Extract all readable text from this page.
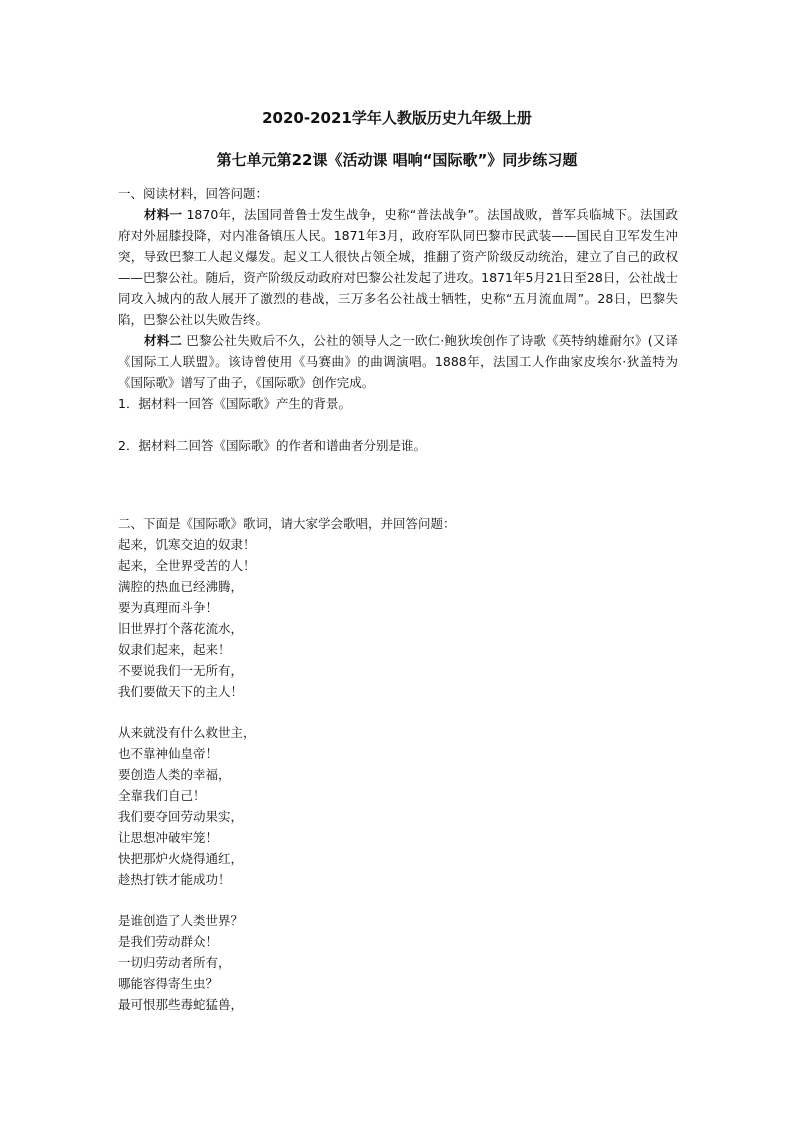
2020-2021学年人教版历史九年级上册
第七单元第22课《活动课 唱响“国际歌”》同步练习题

一、阅读材料，回答问题：

材料一 1870年，法国同普鲁士发生战争，史称“普法战争”。法国战败，普军兵临城下。法国政府对外屈膝投降，对内准备镇压人民。1871年3月，政府军队同巴黎市民武装——国民自卫军发生冲突，导致巴黎工人起义爆发。起义工人很快占领全城，推翻了资产阶级反动统治，建立了自己的政权——巴黎公社。随后，资产阶级反动政府对巴黎公社发起了进攻。1871年5月21日至28日，公社战士同攻入城内的敌人展开了激烈的巷战，三万多名公社战士牺牲，史称“五月流血周”。28日，巴黎失陷，巴黎公社以失败告终。

材料二 巴黎公社失败后不久，公社的领导人之一欧仁·鲍狄埃创作了诗歌《英特纳雄耐尔》(又译《国际工人联盟》。该诗曾使用《马赛曲》的曲调演唱。1888年，法国工人作曲家皮埃尔·狄盖特为《国际歌》谱写了曲子，《国际歌》创作完成。

1．据材料一回答《国际歌》产生的背景。

2．据材料二回答《国际歌》的作者和谱曲者分别是谁。

二、下面是《国际歌》歌词，请大家学会歌唱，并回答问题：

起来，饥寒交迫的奴隶！

起来，全世界受苦的人！

满腔的热血已经沸腾，

要为真理而斗争！

旧世界打个落花流水，

奴隶们起来，起来！

不要说我们一无所有，

我们要做天下的主人！

从来就没有什么救世主，

也不靠神仙皇帝！

要创造人类的幸福，

全靠我们自己！

我们要夺回劳动果实，

让思想冲破牢笼！

快把那炉火烧得通红，

趁热打铁才能成功！

是谁创造了人类世界？

是我们劳动群众！

一切归劳动者所有，

哪能容得寄生虫？

最可恨那些毒蛇猛兽，
